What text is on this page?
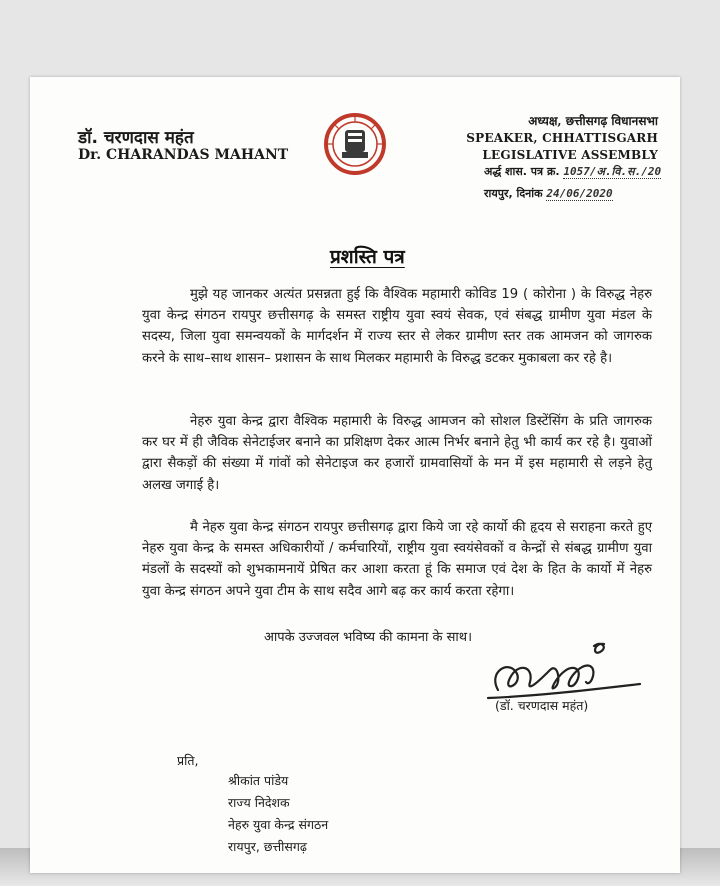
डॉ. चरणदास महंत
Dr. CHARANDAS MAHANT
अध्यक्ष, छत्तीसगढ़ विधानसभा
SPEAKER, CHHATTISGARH
LEGISLATIVE ASSEMBLY
अर्द्ध शास. पत्र क्र. 1057/अ.वि.स./20
रायपुर, दिनांक 24/06/2020
प्रशस्ति पत्र
मुझे यह जानकर अत्यंत प्रसन्नता हुई कि वैश्विक महामारी कोविड 19 ( कोरोना ) के विरुद्ध नेहरु युवा केन्द्र संगठन रायपुर छत्तीसगढ़ के समस्त राष्ट्रीय युवा स्वयं सेवक, एवं संबद्ध ग्रामीण युवा मंडल के सदस्य, जिला युवा समन्वयकों के मार्गदर्शन में राज्य स्तर से लेकर ग्रामीण स्तर तक आमजन को जागरुक करने के साथ–साथ शासन– प्रशासन के साथ मिलकर महामारी के विरुद्ध डटकर मुकाबला कर रहे है।
नेहरु युवा केन्द्र द्वारा वैश्विक महामारी के विरुद्ध आमजन को सोशल डिस्टेंसिंग के प्रति जागरुक कर घर में ही जैविक सेनेटाईजर बनाने का प्रशिक्षण देकर आत्म निर्भर बनाने हेतु भी कार्य कर रहे है। युवाओं द्वारा सैकड़ों की संख्या में गांवों को सेनेटाइज कर हजारों ग्रामवासियों के मन में इस महामारी से लड़ने हेतु अलख जगाई है।
मै नेहरु युवा केन्द्र संगठन रायपुर छत्तीसगढ़ द्वारा किये जा रहे कार्यो की हृदय से सराहना करते हुए नेहरु युवा केन्द्र के समस्त अधिकारीयों / कर्मचारियों, राष्ट्रीय युवा स्वयंसेवकों व केन्द्रों से संबद्ध ग्रामीण युवा मंडलों के सदस्यों को शुभकामनायें प्रेषित कर आशा करता हूं कि समाज एवं देश के हित के कार्यो में नेहरु युवा केन्द्र संगठन अपने युवा टीम के साथ सदैव आगे बढ़ कर कार्य करता रहेगा।
आपके उज्जवल भविष्य की कामना के साथ।
(डॉ. चरणदास महंत)
प्रति,
श्रीकांत पांडेय
राज्य निदेशक
नेहरु युवा केन्द्र संगठन
रायपुर, छत्तीसगढ़
